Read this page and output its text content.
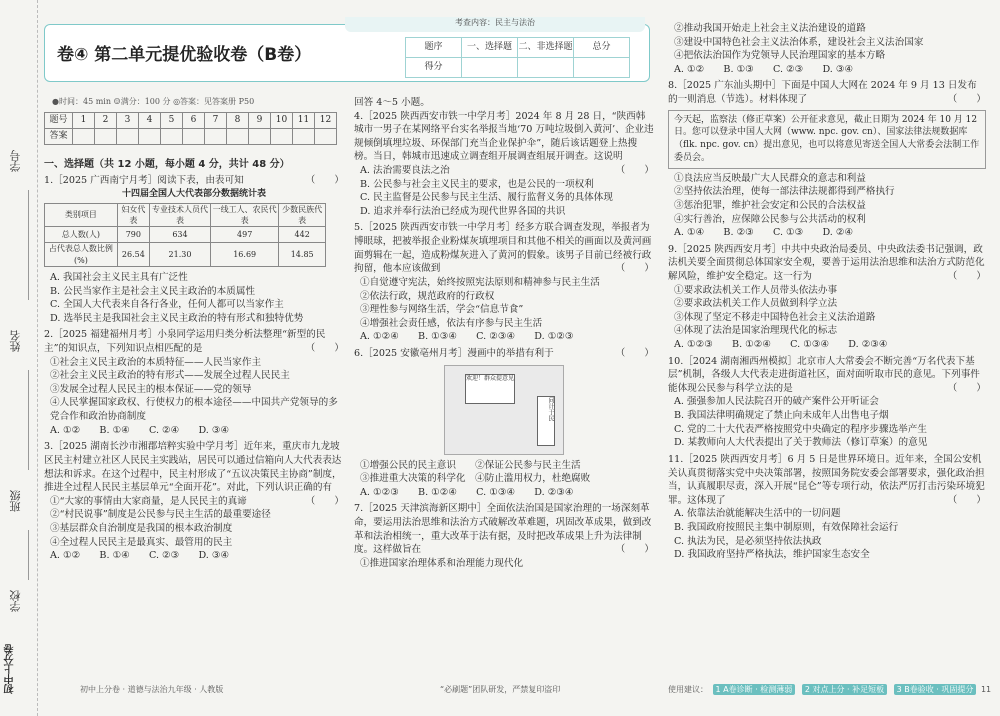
学号
姓名
班级
学校
初中上分卷
考查内容：民主与法治
卷④ 第二单元提优验收卷（B卷）	题序	一、选择题	二、非选择题	总分
得分			
●时间：45 min ☺满分：100 分 ◎答案：见答案册 P50
题号	1	2	3	4	5	6	7	8	9	10	11	12
答案												
一、选择题（共 12 小题，每小题 4 分，共计 48 分）
1.［2025 广西南宁月考］阅读下表，由表可知	（　　）
十四届全国人大代表部分数据统计表
类别项目	妇女代表	专业技术人员代表	一线工人、农民代表	少数民族代表
总人数(人)	790	634	497	442
占代表总人数比例(%)	26.54	21.30	16.69	14.85
A. 我国社会主义民主具有广泛性
B. 公民当家作主是社会主义民主政治的本质属性
C. 全国人大代表来自各行各业，任何人都可以当家作主
D. 选举民主是我国社会主义民主政治的特有形式和独特优势
2.［2025 福建福州月考］小泉同学运用归类分析法整理“新型的民主”的知识点，下列知识点相匹配的是	（　　）
①社会主义民主政治的本质特征——人民当家作主
②社会主义民主政治的特有形式——发展全过程人民民主
③发展全过程人民民主的根本保证——党的领导
④人民掌握国家政权、行使权力的根本途径——中国共产党领导的多党合作和政治协商制度
A. ①②　　B. ①④　　C. ②④　　D. ③④
3.［2025 湖南长沙市湘郡培粹实验中学月考］近年来，重庆市九龙坡区民主村建立社区人民民主实践站，居民可以通过信箱向人大代表表达想法和诉求。在这个过程中，民主村形成了“五议决策民主协商”制度，推进全过程人民民主基层单元“全面开花”。对此，下列认识正确的有
（　　）
①“大家的事情由大家商量，是人民民主的真谛
②“村民说事”制度是公民参与民主生活的最重要途径
③基层群众自治制度是我国的根本政治制度
④全过程人民民主是最真实、最管用的民主
A. ①②　　B. ①④　　C. ②③　　D. ③④
回答 4～5 小题。
4.［2025 陕西西安市铁一中学月考］2024 年 8 月 28 日，“陕西韩城市一男子在某网络平台实名举报当地‘70 万吨垃圾倒入黄河’、企业违规倾倒填埋垃圾、环保部门充当企业保护伞”，随后该话题登上热搜榜。当日，韩城市迅速成立调查组开展调查组展开调查。这说明
（　　）
A. 法治需要良法之治
B. 公民参与社会主义民主的要求，也是公民的一项权利
C. 民主监督是公民参与民主生活、履行监督义务的具体体现
D. 追求并奉行法治已经成为现代世界各国的共识
5.［2025 陕西西安市铁一中学月考］经多方联合调查发现，举报者为博眼球，把被举报企业粉煤灰填埋项目和其他不相关的画面以及黄河画面剪辑在一起，造成粉煤灰进入了黄河的假象。该男子目前已经被行政拘留，他本应该做到	（　　）
①自觉遵守宪法，始终按照宪法原则和精神参与民主生活
②依法行政，规范政府的行政权
③理性参与网络生活，学会“信息节食”
④增强社会责任感，依法有序参与民主生活
A. ①②④　　B. ①③④　　C. ②③④　　D. ①②③
6.［2025 安徽亳州月考］漫画中的举措有利于	（　　）
欢迎！群众提意见
问计于民
①增强公民的民主意识　　 ②保证公民参与民主生活
③推进重大决策的科学化　 ④防止滥用权力，杜绝腐败
A. ①②③　　B. ①②④　　C. ①③④　　D. ②③④
7.［2025 天津滨海新区期中］全面依法治国是国家治理的一场深刻革命，要运用法治思维和法治方式破解改革难题，巩固改革成果，做到改革和法治相统一，重大改革于法有据，及时把改革成果上升为法律制度。这样做旨在	（　　）
①推进国家治理体系和治理能力现代化
②推动我国开始走上社会主义法治建设的道路
③建设中国特色社会主义法治体系，建设社会主义法治国家
④把依法治国作为党领导人民治理国家的基本方略
A. ①②　　B. ①③　　C. ②③　　D. ③④
8.［2025 广东汕头期中］下面是中国人大网在 2024 年 9 月 13 日发布的一则消息（节选）。材料体现了	（　　）
今天起，监察法（修正草案）公开征求意见，截止日期为 2024 年 10 月 12 日。您可以登录中国人大网（www. npc. gov. cn）、国家法律法规数据库（flk. npc. gov. cn）提出意见，也可以将意见寄送全国人大常委会法制工作委员会。
①良法应当反映最广大人民群众的意志和利益
②坚持依法治理，使每一部法律法规都得到严格执行
③惩治犯罪，维护社会安定和公民的合法权益
④实行善治，应保障公民参与公共活动的权利
A. ①④　　B. ②③　　C. ①③　　D. ②④
9.［2025 陕西西安月考］中共中央政治局委员、中央政法委书记强调，政法机关要全面贯彻总体国家安全观，要善于运用法治思维和法治方式防范化解风险，维护安全稳定。这一行为	（　　）
①要求政法机关工作人员带头依法办事
②要求政法机关工作人员做到科学立法
③体现了坚定不移走中国特色社会主义法治道路
④体现了法治是国家治理现代化的标志
A. ①②③　　B. ①②④　　C. ①③④　　D. ②③④
10.［2024 湖南湘西州模拟］北京市人大常委会不断完善“万名代表下基层”机制，各级人大代表走进街道社区，面对面听取市民的意见。下列事件能体现公民参与科学立法的是	（　　）
A. 强强参加人民法院召开的破产案件公开听证会
B. 我国法律明确规定了禁止向未成年人出售电子烟
C. 党的二十大代表严格按照党中央确定的程序步骤选举产生
D. 某教师向人大代表提出了关于教师法（修订草案）的意见
11.［2025 陕西西安月考］6 月 5 日是世界环境日。近年来，全国公安机关认真贯彻落实党中央决策部署，按照国务院安委会部署要求，强化政治担当，认真履职尽责，深入开展“昆仑”等专项行动，依法严厉打击污染环境犯罪。这体现了	（　　）
A. 依靠法治就能解决生活中的一切问题
B. 我国政府按照民主集中制原则，有效保障社会运行
C. 执法为民，是必须坚持依法执政
D. 我国政府坚持严格执法，维护国家生态安全
初中上分卷 · 道德与法治九年级 · 人教版	“必刷题”团队研发，严禁复印盗印	使用建议： 1 A卷诊断 · 检测薄弱 2 对点上分 · 补足短板 3 B卷验收 · 巩固提分 11
